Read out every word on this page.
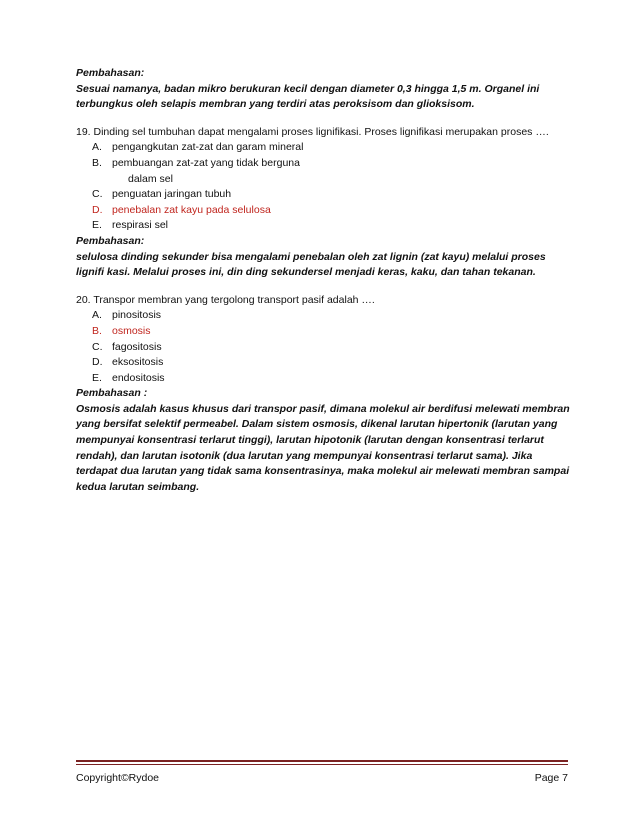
Pembahasan:

Sesuai namanya, badan mikro berukuran kecil dengan diameter 0,3 hingga 1,5 m. Organel ini terbungkus oleh selapis membran yang terdiri atas peroksisom dan glioksisom.

19. Dinding sel tumbuhan dapat mengalami proses lignifikasi. Proses lignifikasi merupakan proses ….

A. pengangkutan zat-zat dan garam mineral
B. pembuangan zat-zat yang tidak berguna
dalam sel
C. penguatan jaringan tubuh
D. penebalan zat kayu pada selulosa
E. respirasi sel

Pembahasan:

selulosa dinding sekunder bisa mengalami penebalan oleh zat lignin (zat kayu) melalui proses lignifi kasi. Melalui proses ini, din ding sekundersel menjadi keras, kaku, dan tahan tekanan.

20. Transpor membran yang tergolong transport pasif adalah ….

A. pinositosis
B. osmosis
C. fagositosis
D. eksositosis
E. endositosis

Pembahasan :

Osmosis adalah kasus khusus dari transpor pasif, dimana molekul air berdifusi melewati membran yang bersifat selektif permeabel. Dalam sistem osmosis, dikenal larutan hipertonik (larutan yang mempunyai konsentrasi terlarut tinggi), larutan hipotonik (larutan dengan konsentrasi terlarut rendah), dan larutan isotonik (dua larutan yang mempunyai konsentrasi terlarut sama). Jika terdapat dua larutan yang tidak sama konsentrasinya, maka molekul air melewati membran sampai kedua larutan seimbang.

Copyright©Rydoe	Page 7
